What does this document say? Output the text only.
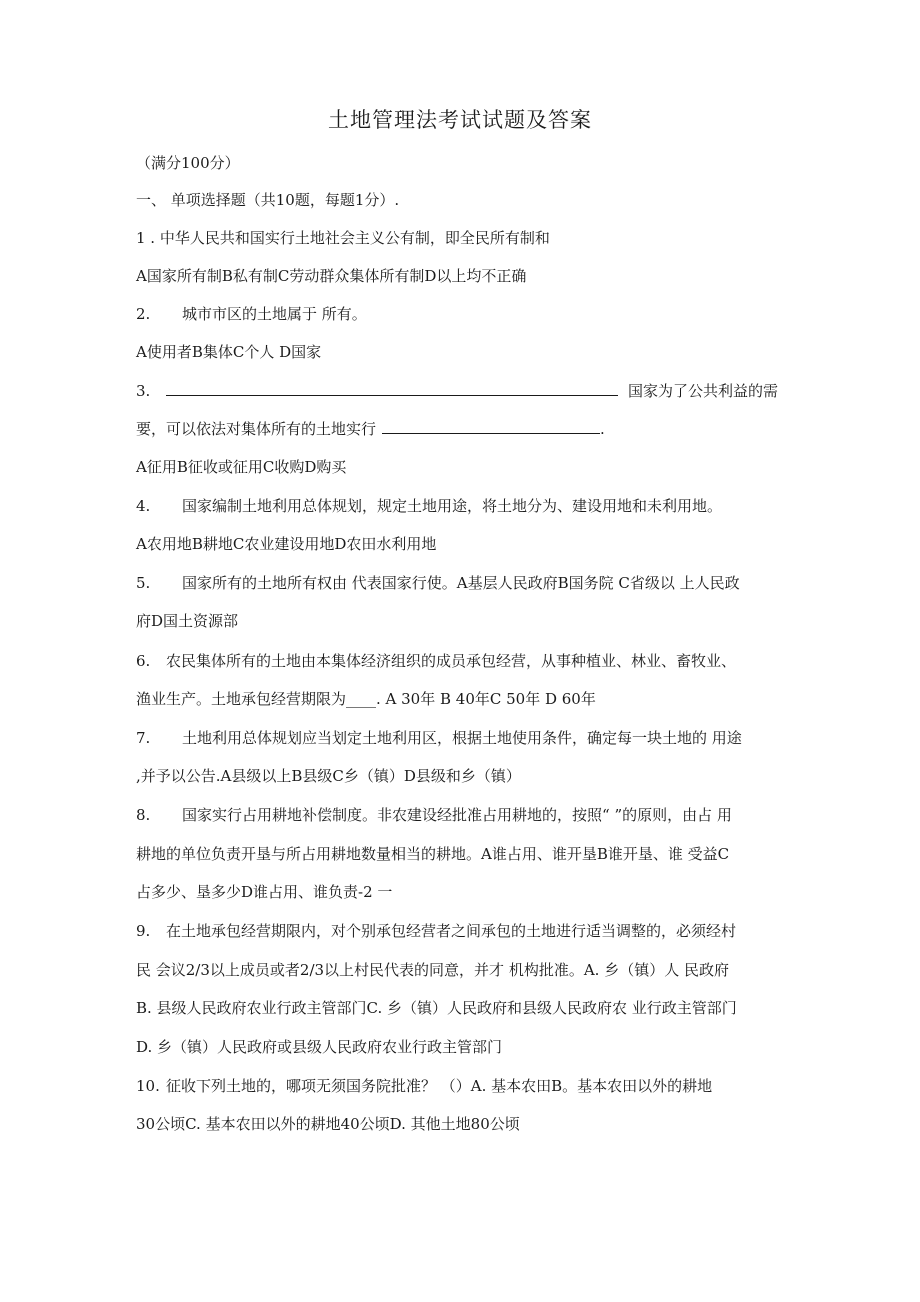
土地管理法考试试题及答案
（满分100分）
一、 单项选择题（共10题，每题1分）.
1 . 中华人民共和国实行土地社会主义公有制，即全民所有制和
A国家所有制B私有制C劳动群众集体所有制D以上均不正确
2. 城市市区的土地属于 所有。
A使用者B集体C个人 D国家
3.	国家为了公共利益的需
要，可以依法对集体所有的土地实行	.
A征用B征收或征用C收购D购买
4. 国家编制土地利用总体规划，规定土地用途，将土地分为、建设用地和未利用地。
A农用地B耕地C农业建设用地D农田水利用地
5. 国家所有的土地所有权由 代表国家行使。A基层人民政府B国务院 C省级以 上人民政
府D国土资源部
6. 农民集体所有的土地由本集体经济组织的成员承包经营，从事种植业、林业、畜牧业、
渔业生产。土地承包经营期限为____. A 30年 B 40年C 50年 D 60年
7. 土地利用总体规划应当划定土地利用区，根据土地使用条件，确定每一块土地的 用途
,并予以公告.A县级以上B县级C乡（镇）D县级和乡（镇）
8. 国家实行占用耕地补偿制度。非农建设经批准占用耕地的，按照“ ”的原则，由占 用
耕地的单位负责开垦与所占用耕地数量相当的耕地。A谁占用、谁开垦B谁开垦、谁 受益C
占多少、垦多少D谁占用、谁负责-2 一
9. 在土地承包经营期限内，对个别承包经营者之间承包的土地进行适当调整的，必须经村
民 会议2/3以上成员或者2/3以上村民代表的同意，并才 机构批准。A. 乡（镇）人 民政府
B. 县级人民政府农业行政主管部门C. 乡（镇）人民政府和县级人民政府农 业行政主管部门
D. 乡（镇）人民政府或县级人民政府农业行政主管部门
10. 征收下列土地的，哪项无须国务院批准？ （）A. 基本农田B。基本农田以外的耕地
30公顷C. 基本农田以外的耕地40公顷D. 其他土地80公顷
